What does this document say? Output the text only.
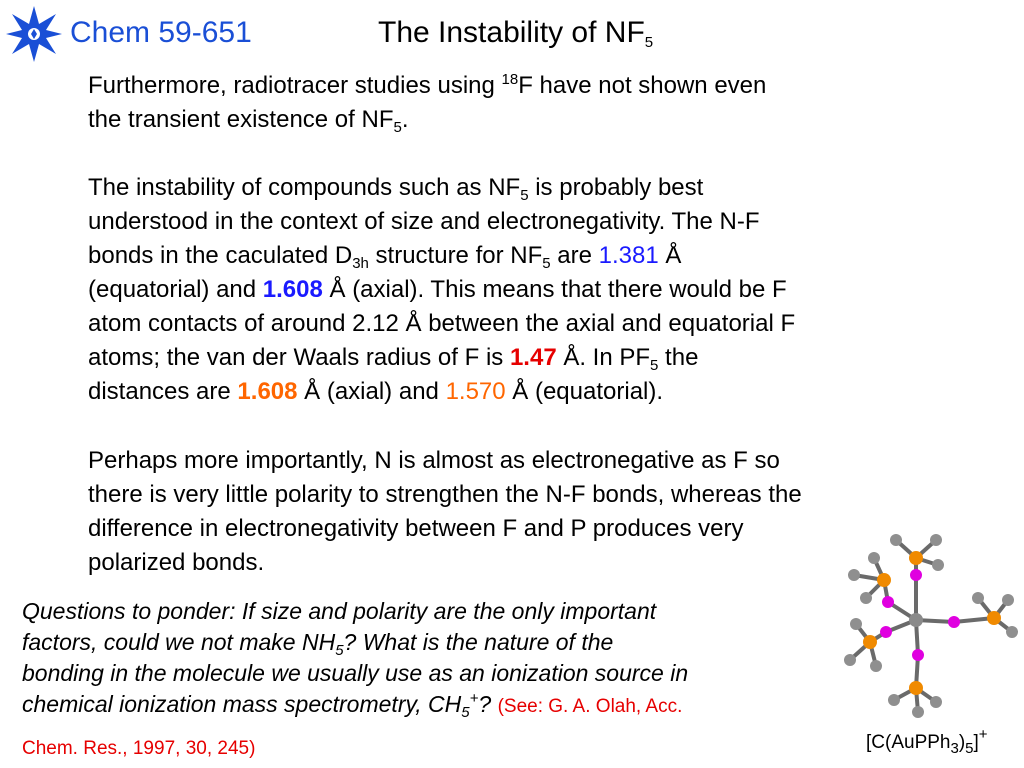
Chem 59-651	The Instability of $NF_5$
Furthermore, radiotracer studies using $^{18}$F have not shown even
the transient existence of $NF_5$.
The instability of compounds such as $NF_5$ is probably best
understood in the context of size and electronegativity. The N-F
bonds in the caculated $D_{3h}$ structure for $NF_5$ are 1.381 Å
(equatorial) and 1.608 Å (axial). This means that there would be F
atom contacts of around 2.12 Å between the axial and equatorial F
atoms; the van der Waals radius of F is 1.47 Å. In $PF_5$ the
distances are 1.608 Å (axial) and 1.570 Å (equatorial).
Perhaps more importantly, N is almost as electronegative as F so
there is very little polarity to strengthen the N-F bonds, whereas the
difference in electronegativity between F and P produces very
polarized bonds.
Questions to ponder: If size and polarity are the only important
factors, could we not make $NH_5$? What is the nature of the
bonding in the molecule we usually use as an ionization source in
chemical ionization mass spectrometry, $CH_5^+$? (See: G. A. Olah, Acc.
Chem. Res., 1997, 30, 245)	$[C(AuPPh_3)_5]^+$
